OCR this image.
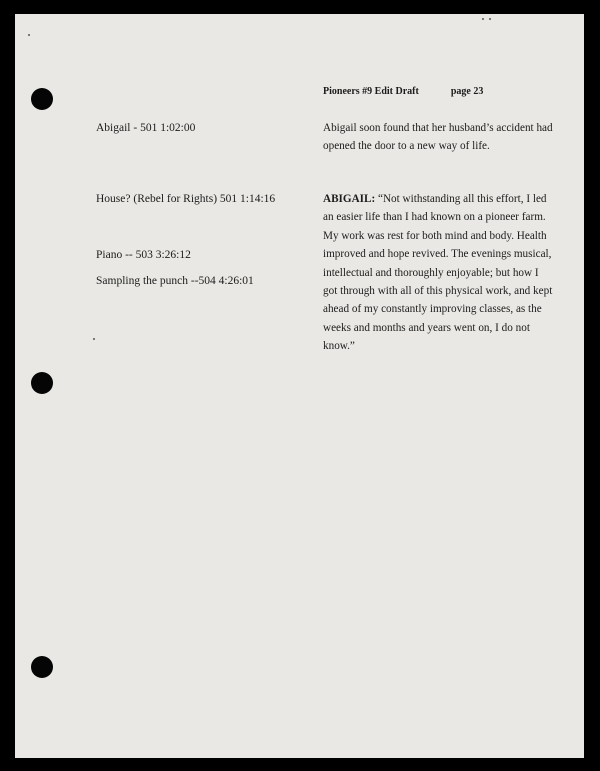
Pioneers #9 Edit Draft	page 23
Abigail - 501 1:02:00
House? (Rebel for Rights) 501 1:14:16
Piano -- 503 3:26:12
Sampling the punch --504 4:26:01
Abigail soon found that her husband’s accident had opened the door to a new way of life.
ABIGAIL: “Not withstanding all this effort, I led an easier life than I had known on a pioneer farm. My work was rest for both mind and body. Health improved and hope revived. The evenings musical, intellectual and thoroughly enjoyable; but how I got through with all of this physical work, and kept ahead of my constantly improving classes, as the weeks and months and years went on, I do not know.”
